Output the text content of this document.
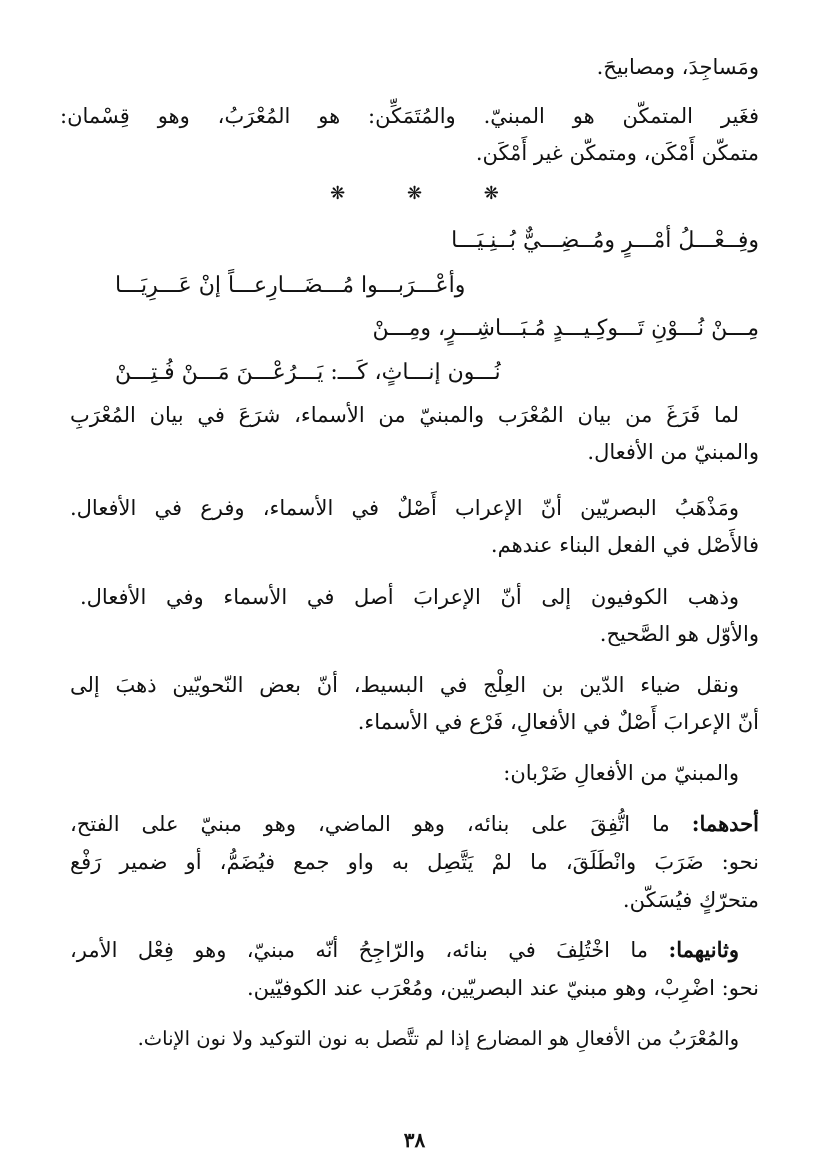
ومَساجِدَ، ومصابيحَ.
فغَير المتمكّن هو المبنيّ. والمُتَمَكِّن: هو المُعْرَبُ، وهو قِسْمان:
متمكّن أَمْكَن، ومتمكّن غير أَمْكَن.
❋	❋	❋
وفِــعْـــلُ أمْـــرٍ ومُــضِـــيٌّ بُــنِـيَـــا
وأعْـــرَبـــوا مُـــضَـــارِعـــاً إنْ عَـــرِيَـــا
مِـــنْ نُـــوْنِ تَـــوكِـيـــدٍ مُـبَـــاشِـــرٍ، ومِـــنْ
نُـــون إنـــاثٍ، كَـــ: يَـــرُعْـــنَ مَـــنْ فُـتِـــنْ
لما فَرَغَ من بيان المُعْرَب والمبنيّ من الأسماء، شرَعَ في بيان المُعْرَبِ
والمبنيّ من الأفعال.
ومَذْهَبُ البصريّين أنّ الإعراب أَصْلٌ في الأسماء، وفرع في الأفعال.
فالأَصْل في الفعل البناء عندهم.
وذهب الكوفيون إلى أنّ الإعرابَ أصل في الأسماء وفي الأفعال.
والأوّل هو الصَّحيح.
ونقل ضياء الدّين بن العِلْج في البسيط، أنّ بعض النّحويّين ذهبَ إلى
أنّ الإعرابَ أَصْلٌ في الأفعالِ، فَرْع في الأسماء.
والمبنيّ من الأفعالِ ضَرْبان:
أحدهما: ما اتُّفِقَ على بنائه، وهو الماضي، وهو مبنيّ على الفتح،
نحو: ضَرَبَ وانْطَلَقَ، ما لمْ يَتَّصِل به واو جمع فيُضَمُّ، أو ضمير رَفْع
متحرّكٍ فيُسَكّن.
وثانيهما: ما اخْتُلِفَ في بنائه، والرّاجِحُ أنّه مبنيّ، وهو فِعْل الأمر،
نحو: اضْرِبْ، وهو مبنيّ عند البصريّين، ومُعْرَب عند الكوفيّين.
والمُعْرَبُ من الأفعالِ هو المضارع إذا لم تتَّصل به نون التوكيد ولا نون الإناث.
٣٨
